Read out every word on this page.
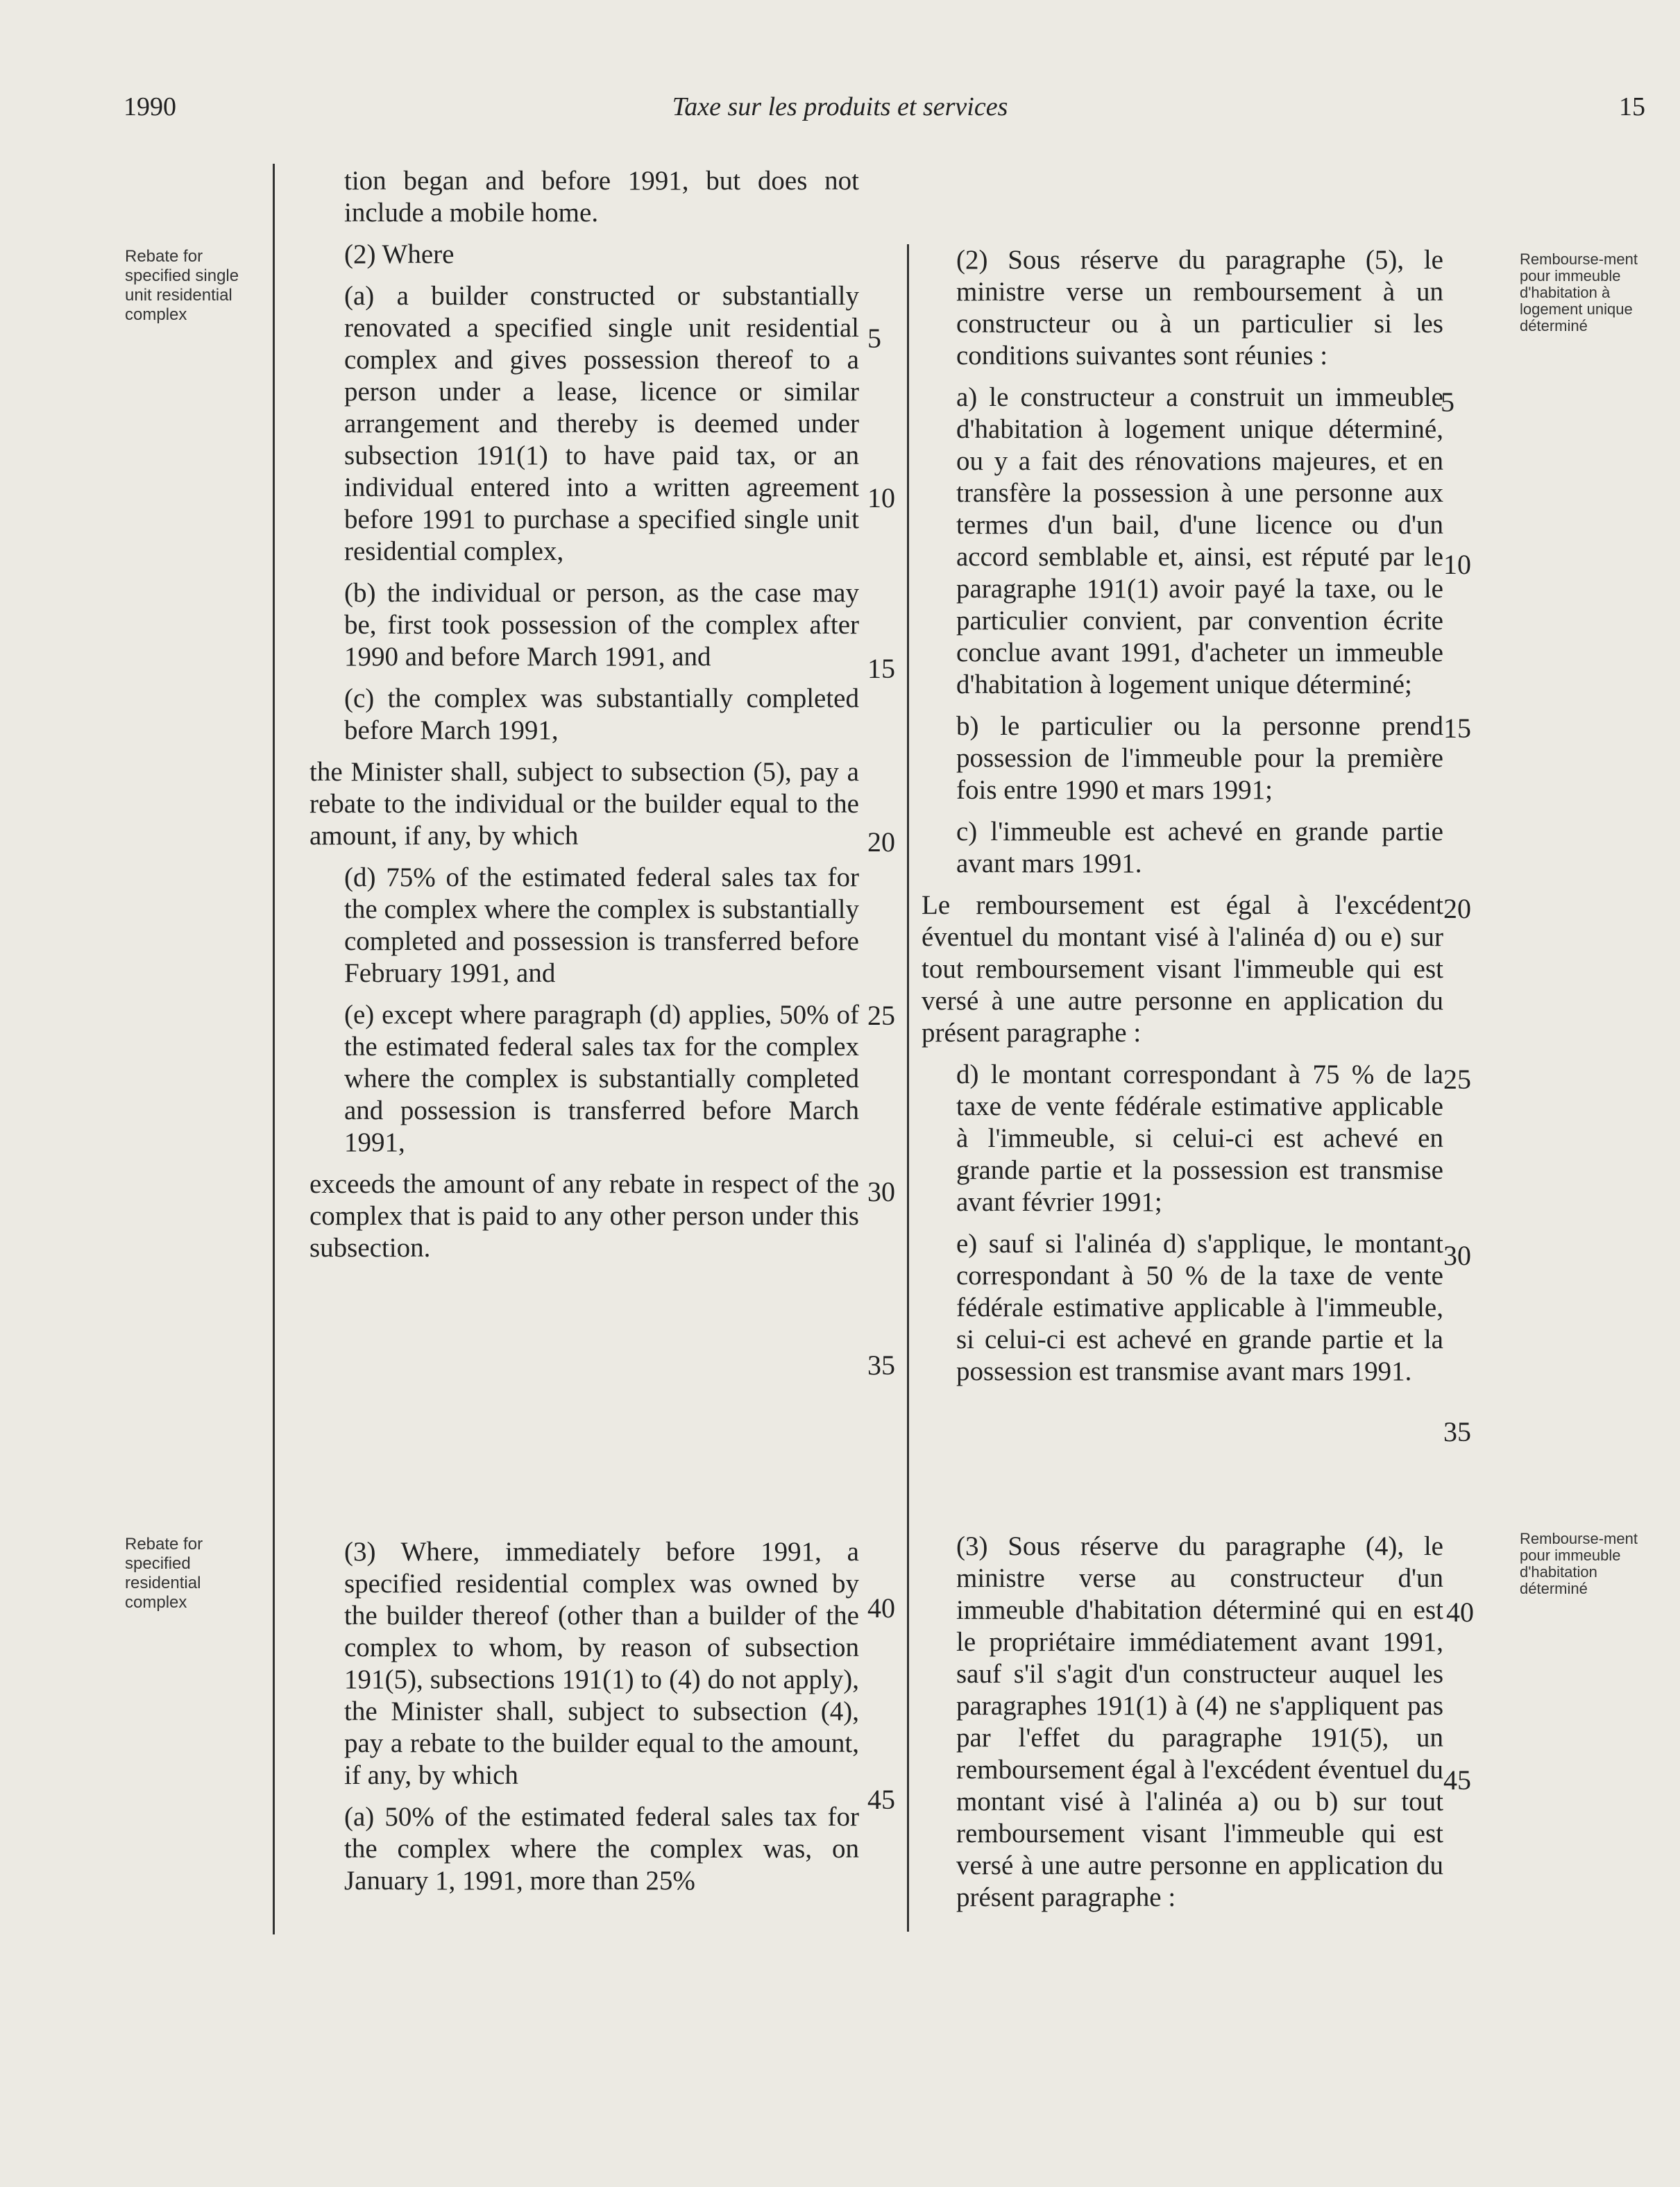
1990	Taxe sur les produits et services	15
Rebate for specified single unit residential complex
Rebate for specified residential complex
Rembourse-ment pour immeuble d'habitation à logement unique déterminé
Rembourse-ment pour immeuble d'habitation déterminé

tion began and before 1991, but does not include a mobile home.

(2) Where

(a) a builder constructed or substantially renovated a specified single unit residential complex and gives possession thereof to a person under a lease, licence or similar arrangement and thereby is deemed under subsection 191(1) to have paid tax, or an individual entered into a written agreement before 1991 to purchase a specified single unit residential complex,

(b) the individual or person, as the case may be, first took possession of the complex after 1990 and before March 1991, and

(c) the complex was substantially completed before March 1991,

the Minister shall, subject to subsection (5), pay a rebate to the individual or the builder equal to the amount, if any, by which

(d) 75% of the estimated federal sales tax for the complex where the complex is substantially completed and possession is transferred before February 1991, and

(e) except where paragraph (d) applies, 50% of the estimated federal sales tax for the complex where the complex is substantially completed and possession is transferred before March 1991,

exceeds the amount of any rebate in respect of the complex that is paid to any other person under this subsection.

(3) Where, immediately before 1991, a specified residential complex was owned by the builder thereof (other than a builder of the complex to whom, by reason of subsection 191(5), subsections 191(1) to (4) do not apply), the Minister shall, subject to subsection (4), pay a rebate to the builder equal to the amount, if any, by which

(a) 50% of the estimated federal sales tax for the complex where the complex was, on January 1, 1991, more than 25%

(2) Sous réserve du paragraphe (5), le ministre verse un remboursement à un constructeur ou à un particulier si les conditions suivantes sont réunies :

a) le constructeur a construit un immeuble d'habitation à logement unique déterminé, ou y a fait des rénovations majeures, et en transfère la possession à une personne aux termes d'un bail, d'une licence ou d'un accord semblable et, ainsi, est réputé par le paragraphe 191(1) avoir payé la taxe, ou le particulier convient, par convention écrite conclue avant 1991, d'acheter un immeuble d'habitation à logement unique déterminé;

b) le particulier ou la personne prend possession de l'immeuble pour la première fois entre 1990 et mars 1991;

c) l'immeuble est achevé en grande partie avant mars 1991.

Le remboursement est égal à l'excédent éventuel du montant visé à l'alinéa d) ou e) sur tout remboursement visant l'immeuble qui est versé à une autre personne en application du présent paragraphe :

d) le montant correspondant à 75 % de la taxe de vente fédérale estimative applicable à l'immeuble, si celui-ci est achevé en grande partie et la possession est transmise avant février 1991;

e) sauf si l'alinéa d) s'applique, le montant correspondant à 50 % de la taxe de vente fédérale estimative applicable à l'immeuble, si celui-ci est achevé en grande partie et la possession est transmise avant mars 1991.

(3) Sous réserve du paragraphe (4), le ministre verse au constructeur d'un immeuble d'habitation déterminé qui en est le propriétaire immédiatement avant 1991, sauf s'il s'agit d'un constructeur auquel les paragraphes 191(1) à (4) ne s'appliquent pas par l'effet du paragraphe 191(5), un remboursement égal à l'excédent éventuel du montant visé à l'alinéa a) ou b) sur tout remboursement visant l'immeuble qui est versé à une autre personne en application du présent paragraphe :

5
10
15
20
25
30
35
40
45
5
10
15
20
25
30
35
40
45
